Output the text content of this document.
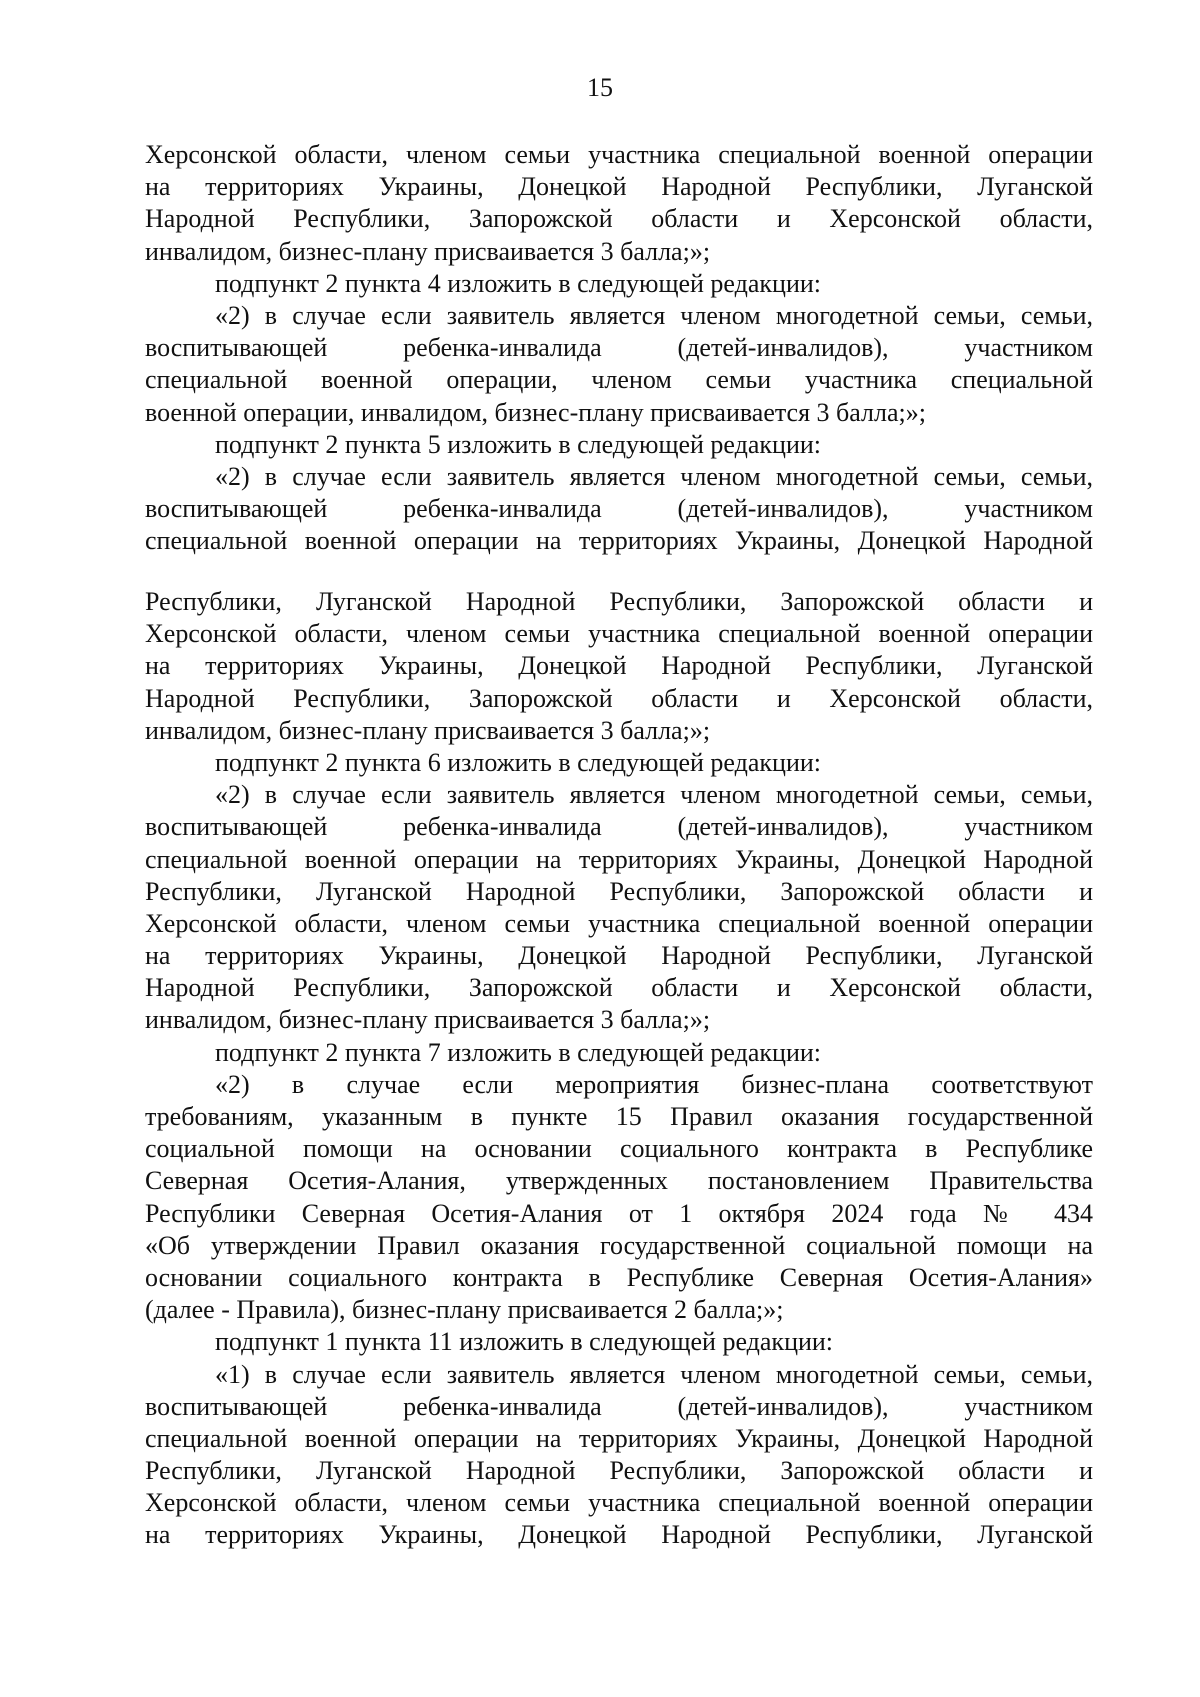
15
Херсонской области, членом семьи участника специальной военной операции
на территориях Украины, Донецкой Народной Республики, Луганской
Народной Республики, Запорожской области и Херсонской области,
инвалидом, бизнес-плану присваивается 3 балла;»;
подпункт 2 пункта 4 изложить в следующей редакции:
«2) в случае если заявитель является членом многодетной семьи, семьи,
воспитывающей ребенка-инвалида (детей-инвалидов), участником
специальной военной операции, членом семьи участника специальной
военной операции, инвалидом, бизнес-плану присваивается 3 балла;»;
подпункт 2 пункта 5 изложить в следующей редакции:
«2) в случае если заявитель является членом многодетной семьи, семьи,
воспитывающей ребенка-инвалида (детей-инвалидов), участником
специальной военной операции на территориях Украины, Донецкой Народной
Республики, Луганской Народной Республики, Запорожской области и
Херсонской области, членом семьи участника специальной военной операции
на территориях Украины, Донецкой Народной Республики, Луганской
Народной Республики, Запорожской области и Херсонской области,
инвалидом, бизнес-плану присваивается 3 балла;»;
подпункт 2 пункта 6 изложить в следующей редакции:
«2) в случае если заявитель является членом многодетной семьи, семьи,
воспитывающей ребенка-инвалида (детей-инвалидов), участником
специальной военной операции на территориях Украины, Донецкой Народной
Республики, Луганской Народной Республики, Запорожской области и
Херсонской области, членом семьи участника специальной военной операции
на территориях Украины, Донецкой Народной Республики, Луганской
Народной Республики, Запорожской области и Херсонской области,
инвалидом, бизнес-плану присваивается 3 балла;»;
подпункт 2 пункта 7 изложить в следующей редакции:
«2) в случае если мероприятия бизнес-плана соответствуют
требованиям, указанным в пункте 15 Правил оказания государственной
социальной помощи на основании социального контракта в Республике
Северная Осетия-Алания, утвержденных постановлением Правительства
Республики Северная Осетия-Алания от 1 октября 2024 года № 434
«Об утверждении Правил оказания государственной социальной помощи на
основании социального контракта в Республике Северная Осетия-Алания»
(далее - Правила), бизнес-плану присваивается 2 балла;»;
подпункт 1 пункта 11 изложить в следующей редакции:
«1) в случае если заявитель является членом многодетной семьи, семьи,
воспитывающей ребенка-инвалида (детей-инвалидов), участником
специальной военной операции на территориях Украины, Донецкой Народной
Республики, Луганской Народной Республики, Запорожской области и
Херсонской области, членом семьи участника специальной военной операции
на территориях Украины, Донецкой Народной Республики, Луганской
